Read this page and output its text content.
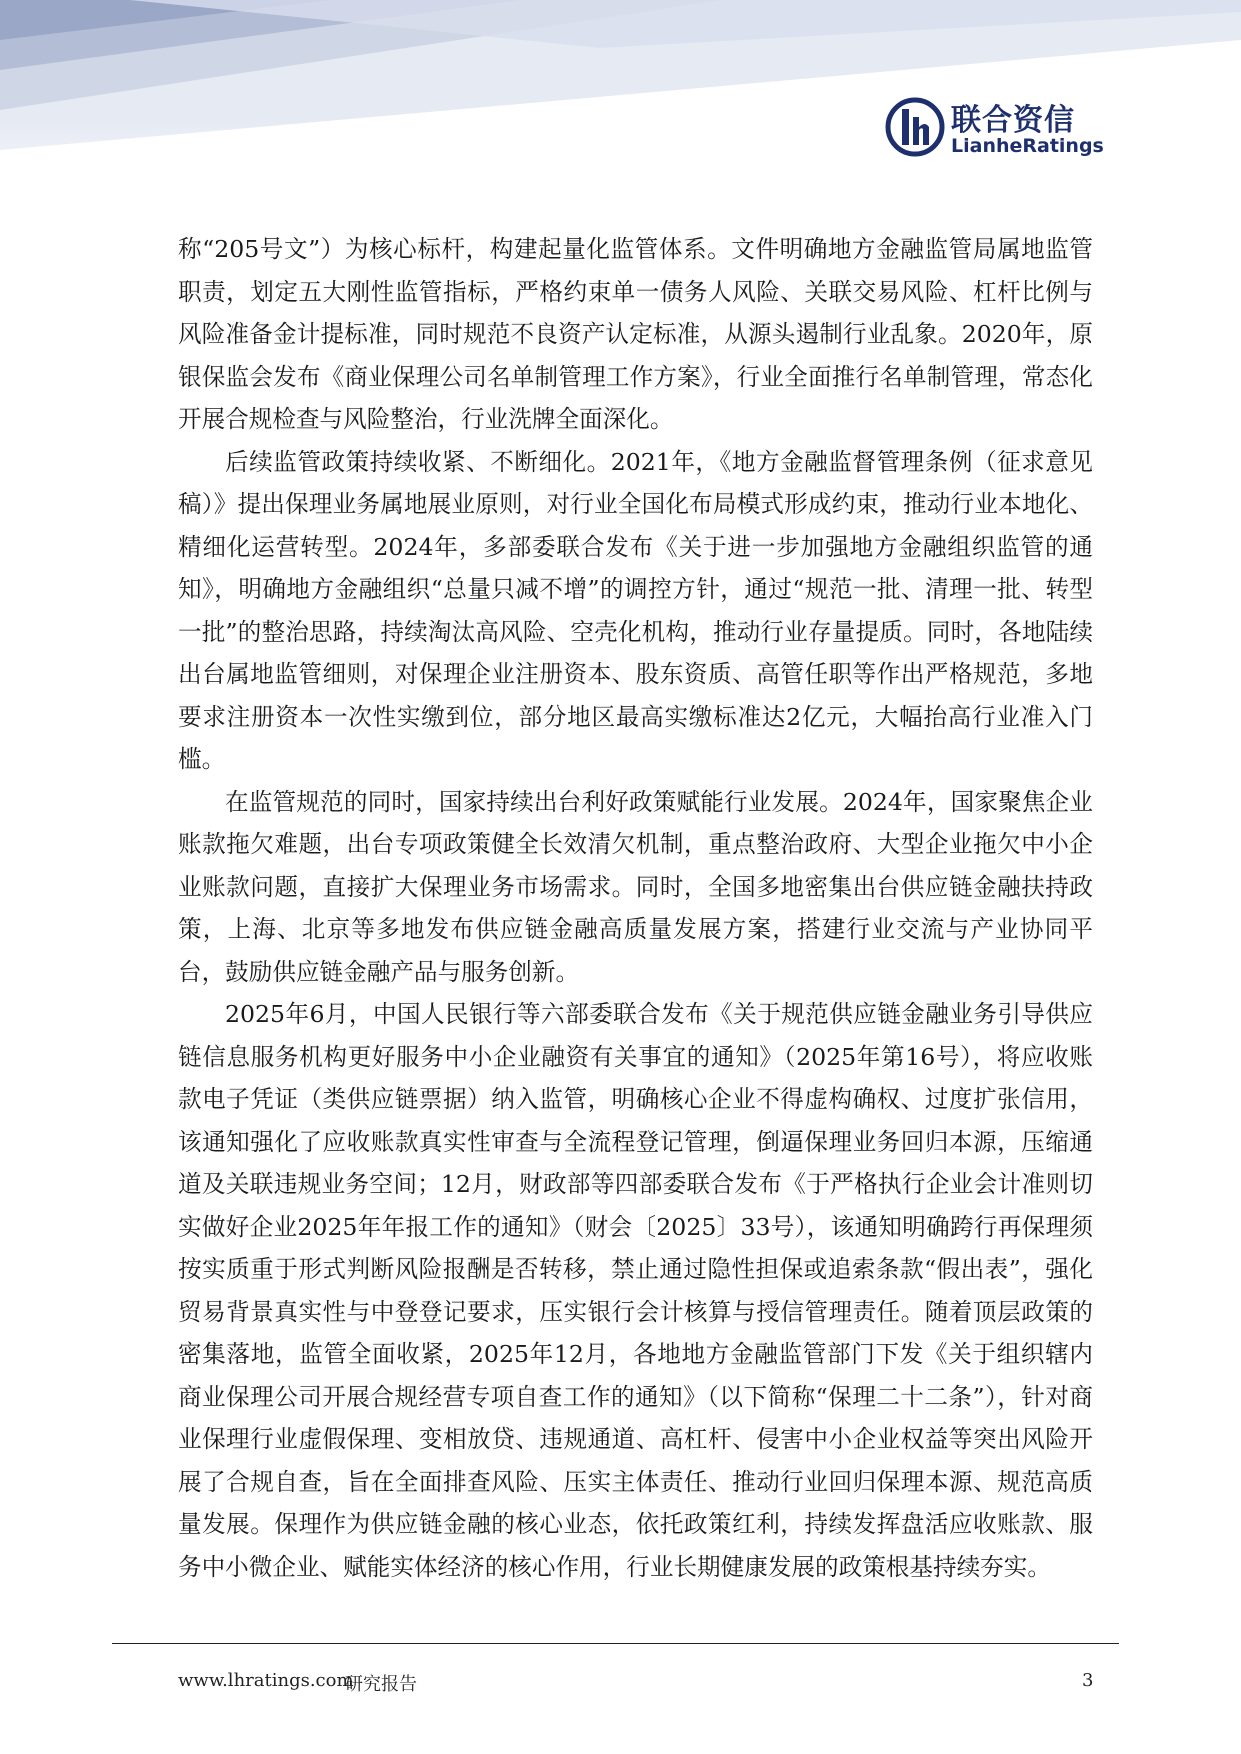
联合资信
LianheRatings

称“205号文”）为核心标杆，构建起量化监管体系。文件明确地方金融监管局属地监管职责，划定五大刚性监管指标，严格约束单一债务人风险、关联交易风险、杠杆比例与风险准备金计提标准，同时规范不良资产认定标准，从源头遏制行业乱象。2020年，原银保监会发布《商业保理公司名单制管理工作方案》，行业全面推行名单制管理，常态化开展合规检查与风险整治，行业洗牌全面深化。

后续监管政策持续收紧、不断细化。2021年，《地方金融监督管理条例（征求意见稿）》提出保理业务属地展业原则，对行业全国化布局模式形成约束，推动行业本地化、精细化运营转型。2024年，多部委联合发布《关于进一步加强地方金融组织监管的通知》，明确地方金融组织“总量只减不增”的调控方针，通过“规范一批、清理一批、转型一批”的整治思路，持续淘汰高风险、空壳化机构，推动行业存量提质。同时，各地陆续出台属地监管细则，对保理企业注册资本、股东资质、高管任职等作出严格规范，多地要求注册资本一次性实缴到位，部分地区最高实缴标准达2亿元，大幅抬高行业准入门槛。

在监管规范的同时，国家持续出台利好政策赋能行业发展。2024年，国家聚焦企业账款拖欠难题，出台专项政策健全长效清欠机制，重点整治政府、大型企业拖欠中小企业账款问题，直接扩大保理业务市场需求。同时，全国多地密集出台供应链金融扶持政策，上海、北京等多地发布供应链金融高质量发展方案，搭建行业交流与产业协同平台，鼓励供应链金融产品与服务创新。

2025年6月，中国人民银行等六部委联合发布《关于规范供应链金融业务引导供应链信息服务机构更好服务中小企业融资有关事宜的通知》（2025年第16号），将应收账款电子凭证（类供应链票据）纳入监管，明确核心企业不得虚构确权、过度扩张信用，该通知强化了应收账款真实性审查与全流程登记管理，倒逼保理业务回归本源，压缩通道及关联违规业务空间；12月，财政部等四部委联合发布《于严格执行企业会计准则切实做好企业2025年年报工作的通知》（财会〔2025〕33号），该通知明确跨行再保理须按实质重于形式判断风险报酬是否转移，禁止通过隐性担保或追索条款“假出表”，强化贸易背景真实性与中登登记要求，压实银行会计核算与授信管理责任。随着顶层政策的密集落地，监管全面收紧，2025年12月，各地地方金融监管部门下发《关于组织辖内商业保理公司开展合规经营专项自查工作的通知》（以下简称“保理二十二条”），针对商业保理行业虚假保理、变相放贷、违规通道、高杠杆、侵害中小企业权益等突出风险开展了合规自查，旨在全面排查风险、压实主体责任、推动行业回归保理本源、规范高质量发展。保理作为供应链金融的核心业态，依托政策红利，持续发挥盘活应收账款、服务中小微企业、赋能实体经济的核心作用，行业长期健康发展的政策根基持续夯实。

www.lhratings.com
研究报告	3
